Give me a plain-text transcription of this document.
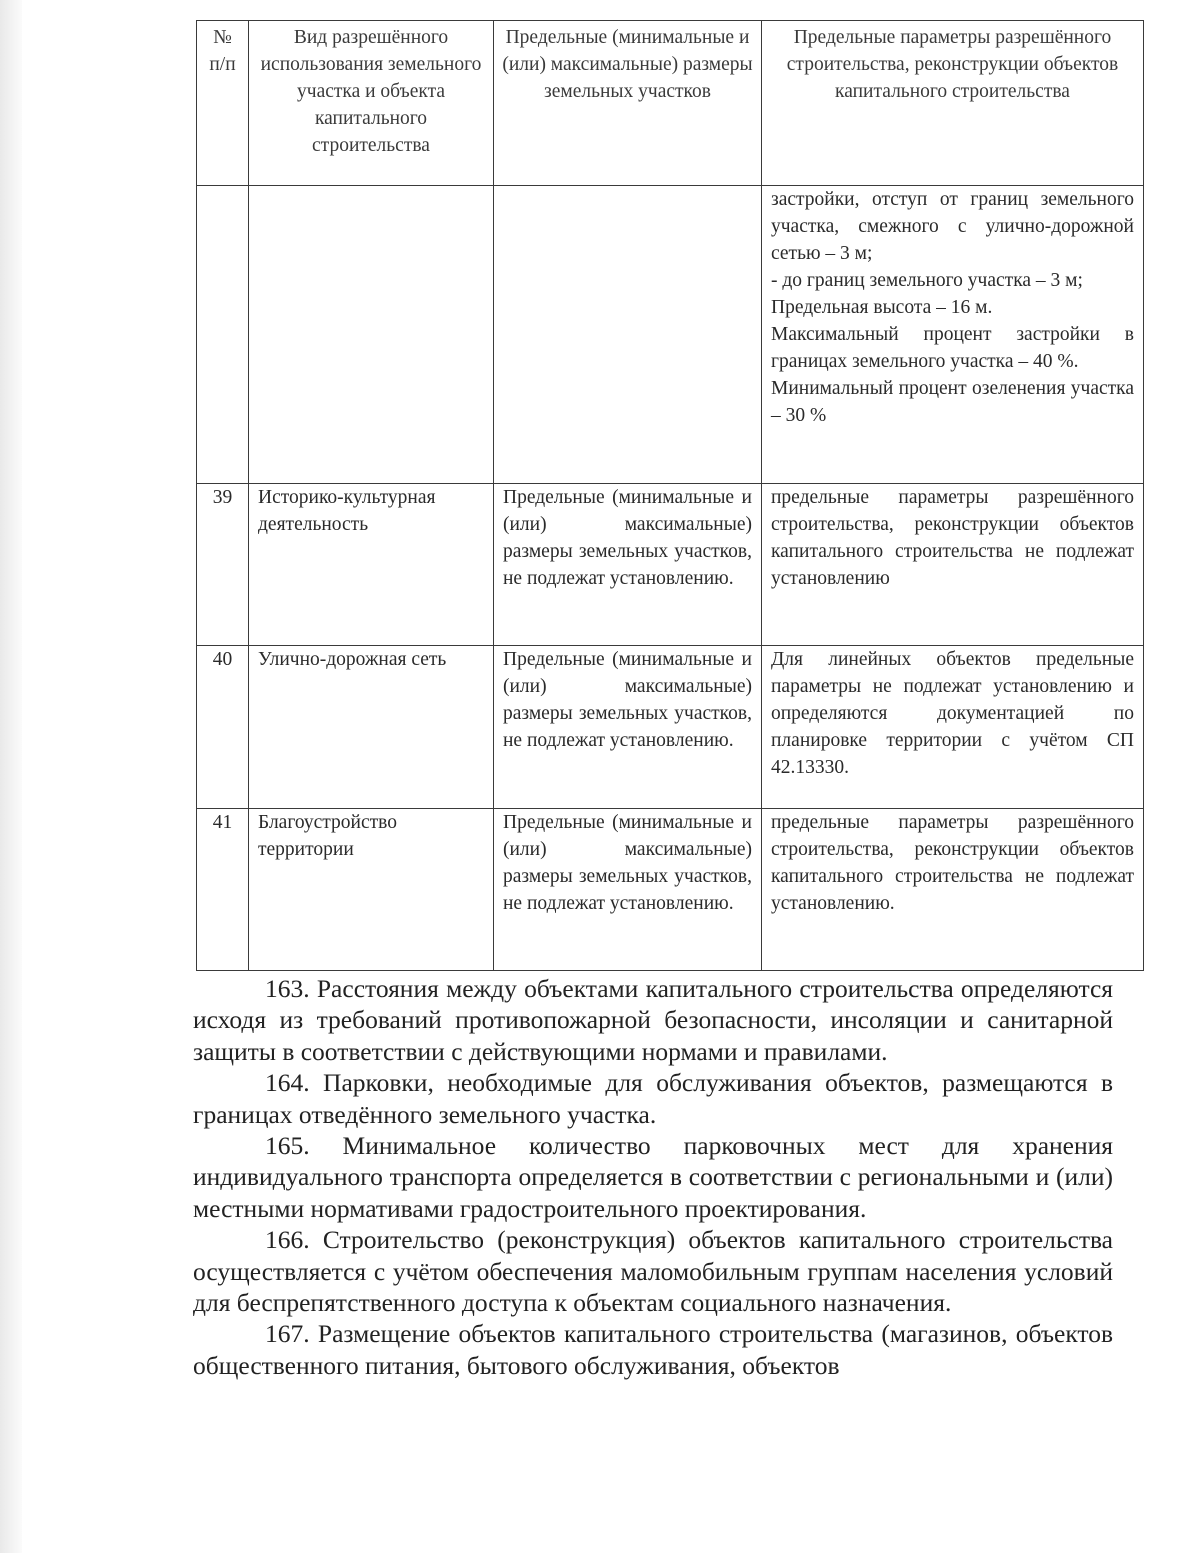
№ п/п	Вид разрешённого использования земельного участка и объекта капитального строительства	Предельные (минимальные и (или) максимальные) размеры земельных участков	Предельные параметры разрешённого строительства, реконструкции объектов капитального строительства

			застройки, отступ от границ земельного участка, смежного с улично-дорожной сетью – 3 м;
- до границ земельного участка – 3 м;
Предельная высота – 16 м.
Максимальный процент застройки в границах земельного участка – 40 %.
Минимальный процент озеленения участка – 30 %

39	Историко-культурная деятельность	Предельные (минимальные и (или) максимальные) размеры земельных участков, не подлежат установлению.	предельные параметры разрешённого строительства, реконструкции объектов капитального строительства не подлежат установлению
40	Улично-дорожная сеть	Предельные (минимальные и (или) максимальные) размеры земельных участков, не подлежат установлению.	Для линейных объектов предельные параметры не подлежат установлению и определяются документацией по планировке территории с учётом СП 42.13330.
41	Благоустройство территории	Предельные (минимальные и (или) максимальные) размеры земельных участков, не подлежат установлению.	предельные параметры разрешённого строительства, реконструкции объектов капитального строительства не подлежат установлению.

163. Расстояния между объектами капитального строительства определяются исходя из требований противопожарной безопасности, инсоляции и санитарной защиты в соответствии с действующими нормами и правилами.

164. Парковки, необходимые для обслуживания объектов, размещаются в границах отведённого земельного участка.

165. Минимальное количество парковочных мест для хранения индивидуального транспорта определяется в соответствии с региональными и (или) местными нормативами градостроительного проектирования.

166. Строительство (реконструкция) объектов капитального строительства осуществляется с учётом обеспечения маломобильным группам населения условий для беспрепятственного доступа к объектам социального назначения.

167. Размещение объектов капитального строительства (магазинов, объектов общественного питания, бытового обслуживания, объектов
